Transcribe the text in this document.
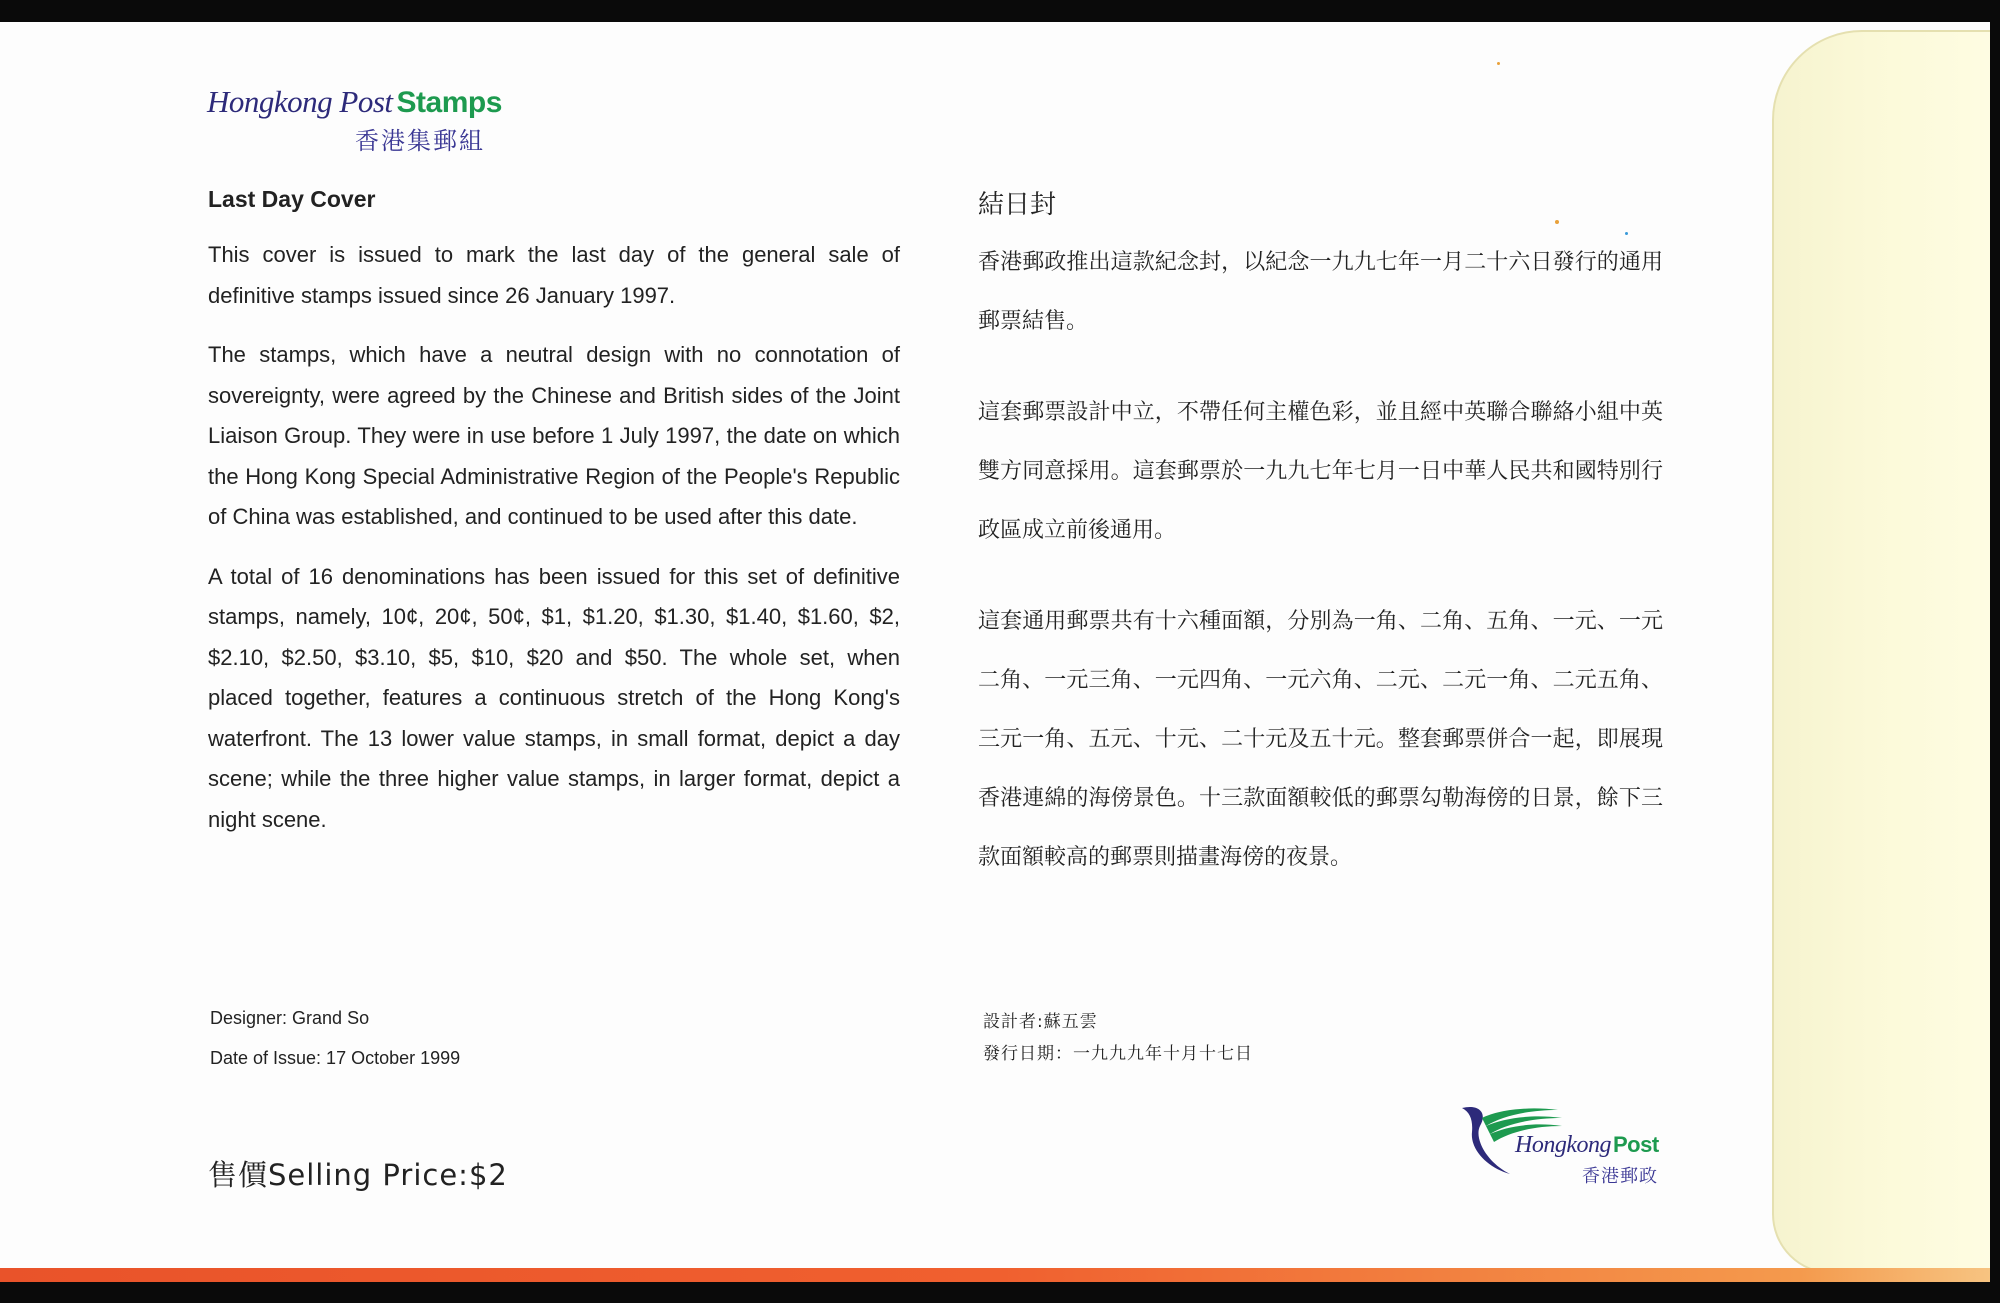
Hongkong Post Stamps
香港集郵組
Last Day Cover

This cover is issued to mark the last day of the general sale of definitive stamps issued since 26 January 1997.

The stamps, which have a neutral design with no connotation of sovereignty, were agreed by the Chinese and British sides of the Joint Liaison Group. They were in use before 1 July 1997, the date on which the Hong Kong Special Administrative Region of the People's Republic of China was established, and continued to be used after this date.

A total of 16 denominations has been issued for this set of definitive stamps, namely, 10¢, 20¢, 50¢, $1, $1.20, $1.30, $1.40, $1.60, $2, $2.10, $2.50, $3.10, $5, $10, $20 and $50. The whole set, when placed together, features a continuous stretch of the Hong Kong's waterfront. The 13 lower value stamps, in small format, depict a day scene; while the three higher value stamps, in larger format, depict a night scene.

結日封

香港郵政推出這款紀念封，以紀念一九九七年一月二十六日發行的通用郵票結售。

這套郵票設計中立，不帶任何主權色彩，並且經中英聯合聯絡小組中英雙方同意採用。這套郵票於一九九七年七月一日中華人民共和國特別行政區成立前後通用。

這套通用郵票共有十六種面額，分別為一角、二角、五角、一元、一元二角、一元三角、一元四角、一元六角、二元、二元一角、二元五角、三元一角、五元、十元、二十元及五十元。整套郵票併合一起，即展現香港連綿的海傍景色。十三款面額較低的郵票勾勒海傍的日景，餘下三款面額較高的郵票則描畫海傍的夜景。

Designer: Grand So
Date of Issue: 17 October 1999
設計者:蘇五雲
發行日期：一九九九年十月十七日
售價Selling Price:$2
HongkongPost
香港郵政
